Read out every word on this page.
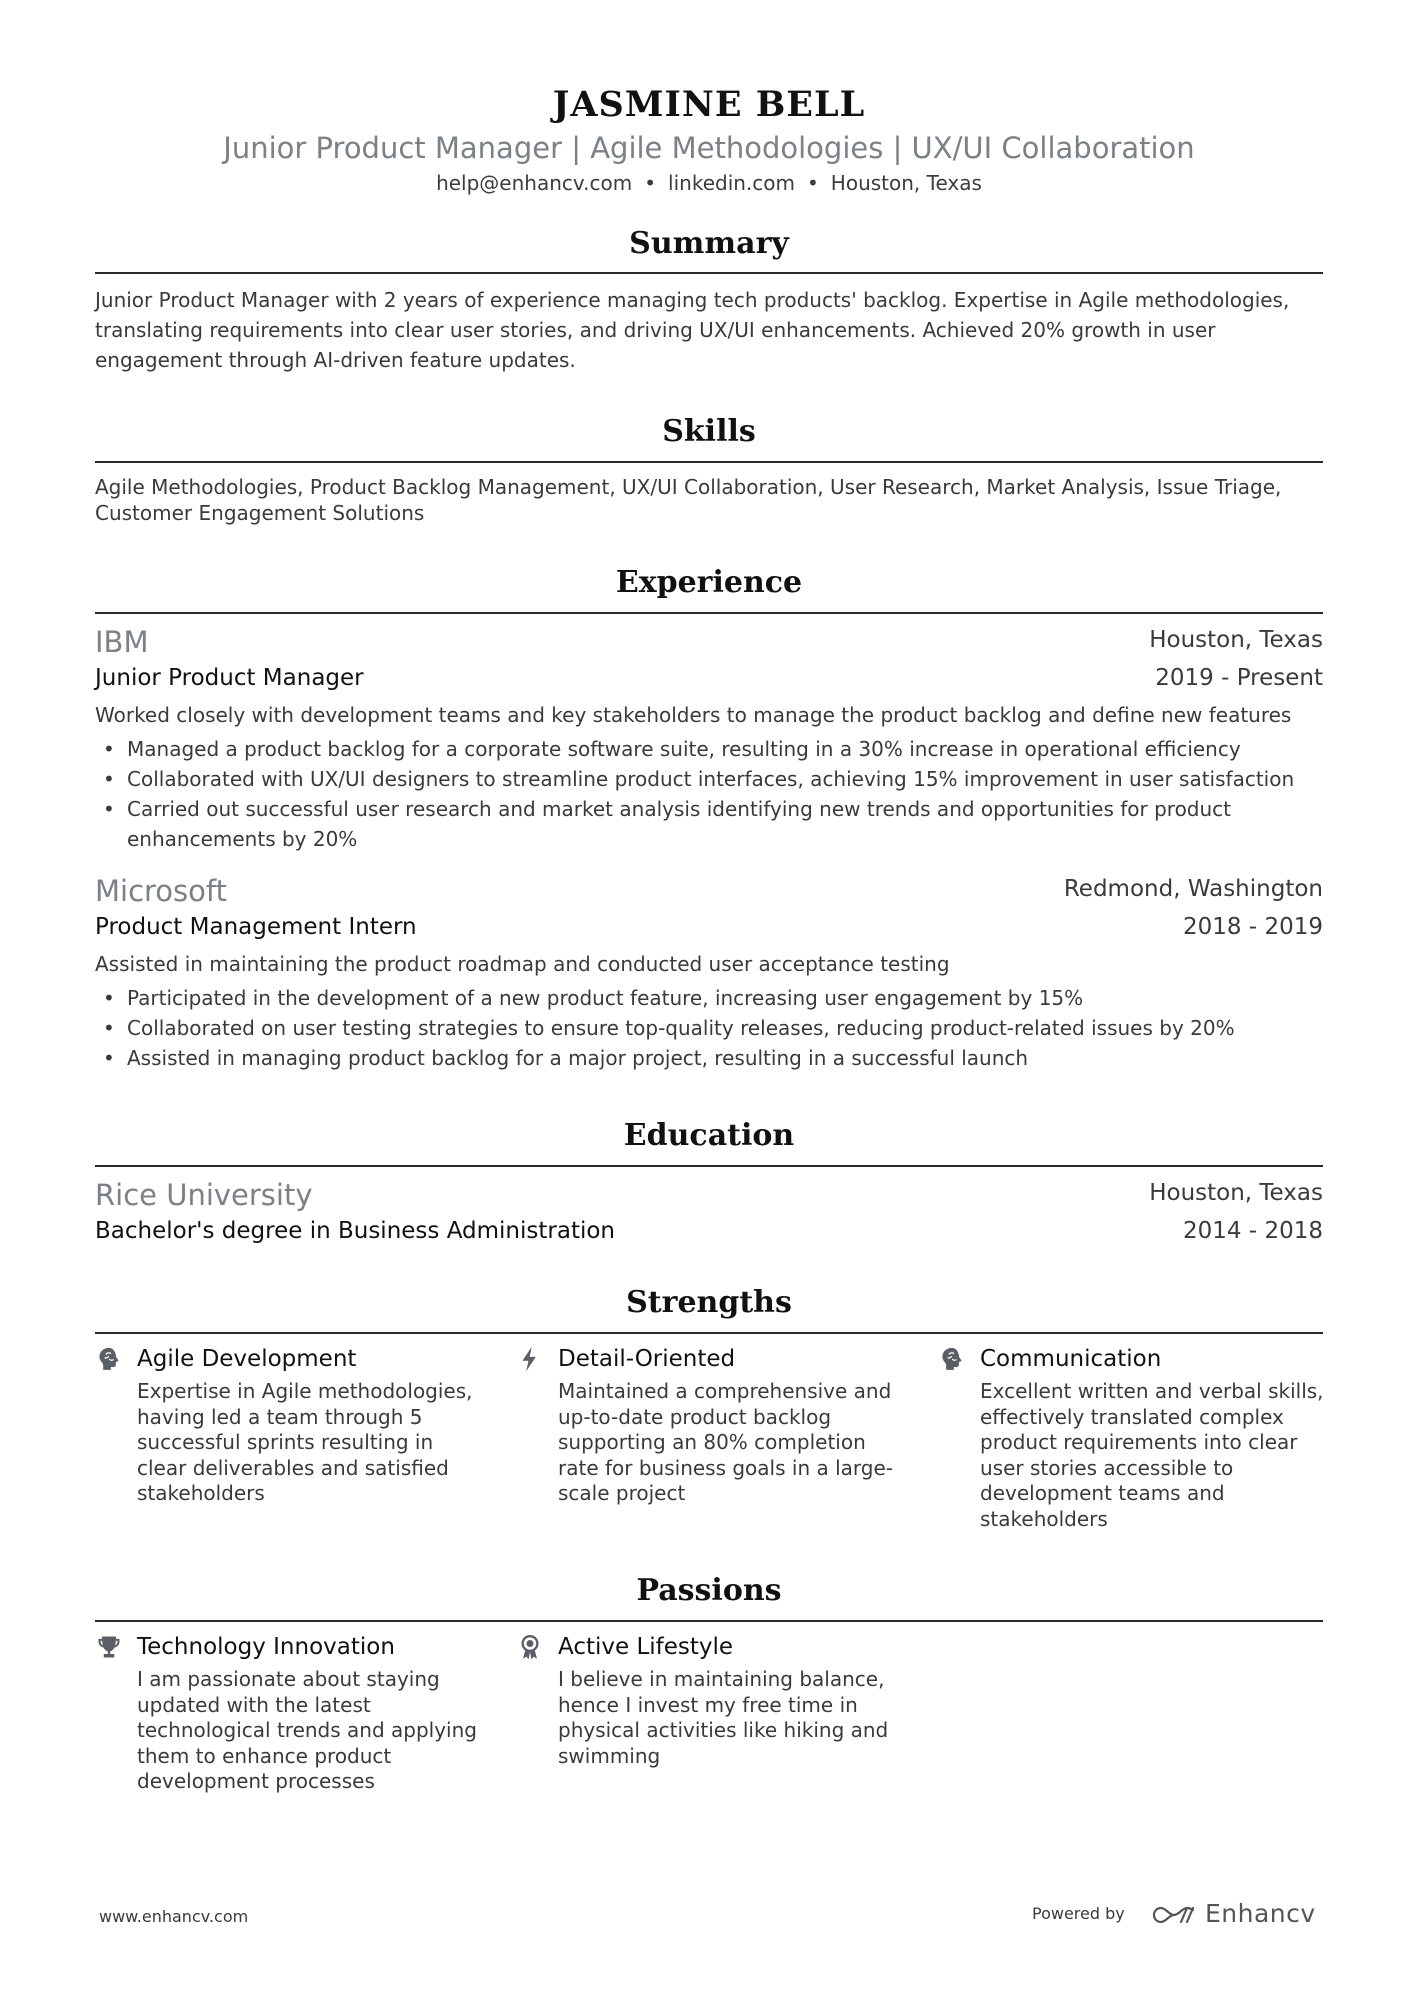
JASMINE BELL
Junior Product Manager | Agile Methodologies | UX/UI Collaboration
help@enhancv.com • linkedin.com • Houston, Texas
Summary
Junior Product Manager with 2 years of experience managing tech products' backlog. Expertise in Agile methodologies, translating requirements into clear user stories, and driving UX/UI enhancements. Achieved 20% growth in user engagement through AI-driven feature updates.
Skills
Agile Methodologies, Product Backlog Management, UX/UI Collaboration, User Research, Market Analysis, Issue Triage, Customer Engagement Solutions
Experience
IBM	Houston, Texas
Junior Product Manager	2019 - Present
Worked closely with development teams and key stakeholders to manage the product backlog and define new features
• Managed a product backlog for a corporate software suite, resulting in a 30% increase in operational efficiency
• Collaborated with UX/UI designers to streamline product interfaces, achieving 15% improvement in user satisfaction
• Carried out successful user research and market analysis identifying new trends and opportunities for product enhancements by 20%
Microsoft	Redmond, Washington
Product Management Intern	2018 - 2019
Assisted in maintaining the product roadmap and conducted user acceptance testing
• Participated in the development of a new product feature, increasing user engagement by 15%
• Collaborated on user testing strategies to ensure top-quality releases, reducing product-related issues by 20%
• Assisted in managing product backlog for a major project, resulting in a successful launch
Education
Rice University	Houston, Texas
Bachelor's degree in Business Administration	2014 - 2018
Strengths
Agile Development
Expertise in Agile methodologies, having led a team through 5 successful sprints resulting in clear deliverables and satisfied stakeholders
Detail-Oriented
Maintained a comprehensive and up-to-date product backlog supporting an 80% completion rate for business goals in a large-scale project
Communication
Excellent written and verbal skills, effectively translated complex product requirements into clear user stories accessible to development teams and stakeholders
Passions
Technology Innovation
I am passionate about staying updated with the latest technological trends and applying them to enhance product development processes
Active Lifestyle
I believe in maintaining balance, hence I invest my free time in physical activities like hiking and swimming
www.enhancv.com	Powered by	Enhancv
